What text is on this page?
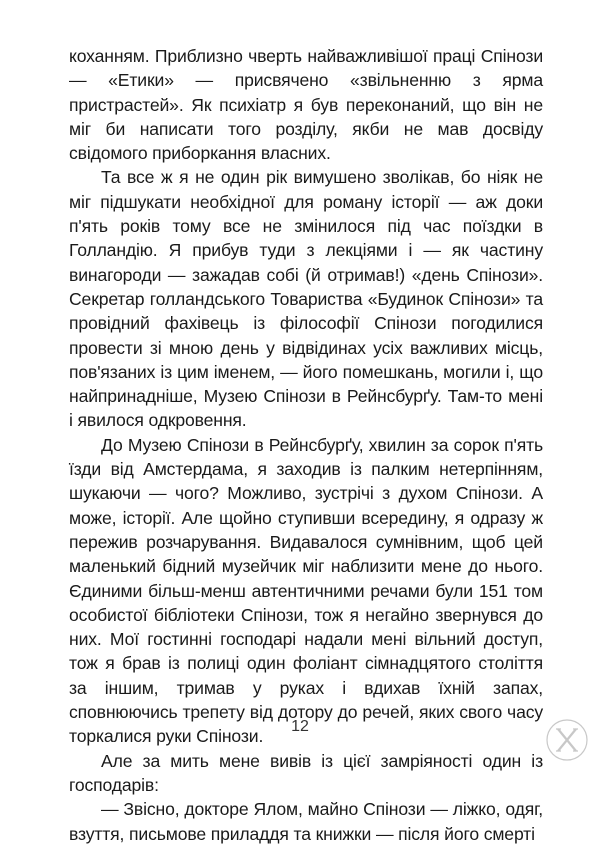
коханням. Приблизно чверть найважливішої праці Спінози — «Етики» — присвячено «звільненню з ярма пристрастей». Як психіатр я був переконаний, що він не міг би написати того розділу, якби не мав досвіду свідомого приборкання власних.

Та все ж я не один рік вимушено зволікав, бо ніяк не міг підшукати необхідної для роману історії — аж доки п'ять років тому все не змінилося під час поїздки в Голландію. Я прибув туди з лекціями і — як частину винагороди — зажадав собі (й отримав!) «день Спінози». Секретар голландського Товариства «Будинок Спінози» та провідний фахівець із філософії Спінози погодилися провести зі мною день у відвідинах усіх важливих місць, пов'язаних із цим іменем, — його помешкань, могили і, що найпринадніше, Музею Спінози в Рейнсбурґу. Там-то мені і явилося одкровення.

До Музею Спінози в Рейнсбурґу, хвилин за сорок п'ять їзди від Амстердама, я заходив із палким нетерпінням, шукаючи — чого? Можливо, зустрічі з духом Спінози. А може, історії. Але щойно ступивши всередину, я одразу ж пережив розчарування. Видавалося сумнівним, щоб цей маленький бідний музейчик міг наблизити мене до нього. Єдиними більш-менш автентичними речами були 151 том особистої бібліотеки Спінози, тож я негайно звернувся до них. Мої гостинні господарі надали мені вільний доступ, тож я брав із полиці один фоліант сімнадцятого століття за іншим, тримав у руках і вдихав їхній запах, сповнюючись трепету від дотору до речей, яких свого часу торкалися руки Спінози.

Але за мить мене вивів із цієї замріяності один із господарів:

— Звісно, докторе Ялом, майно Спінози — ліжко, одяг, взуття, письмове приладдя та книжки — після його смерті

12
